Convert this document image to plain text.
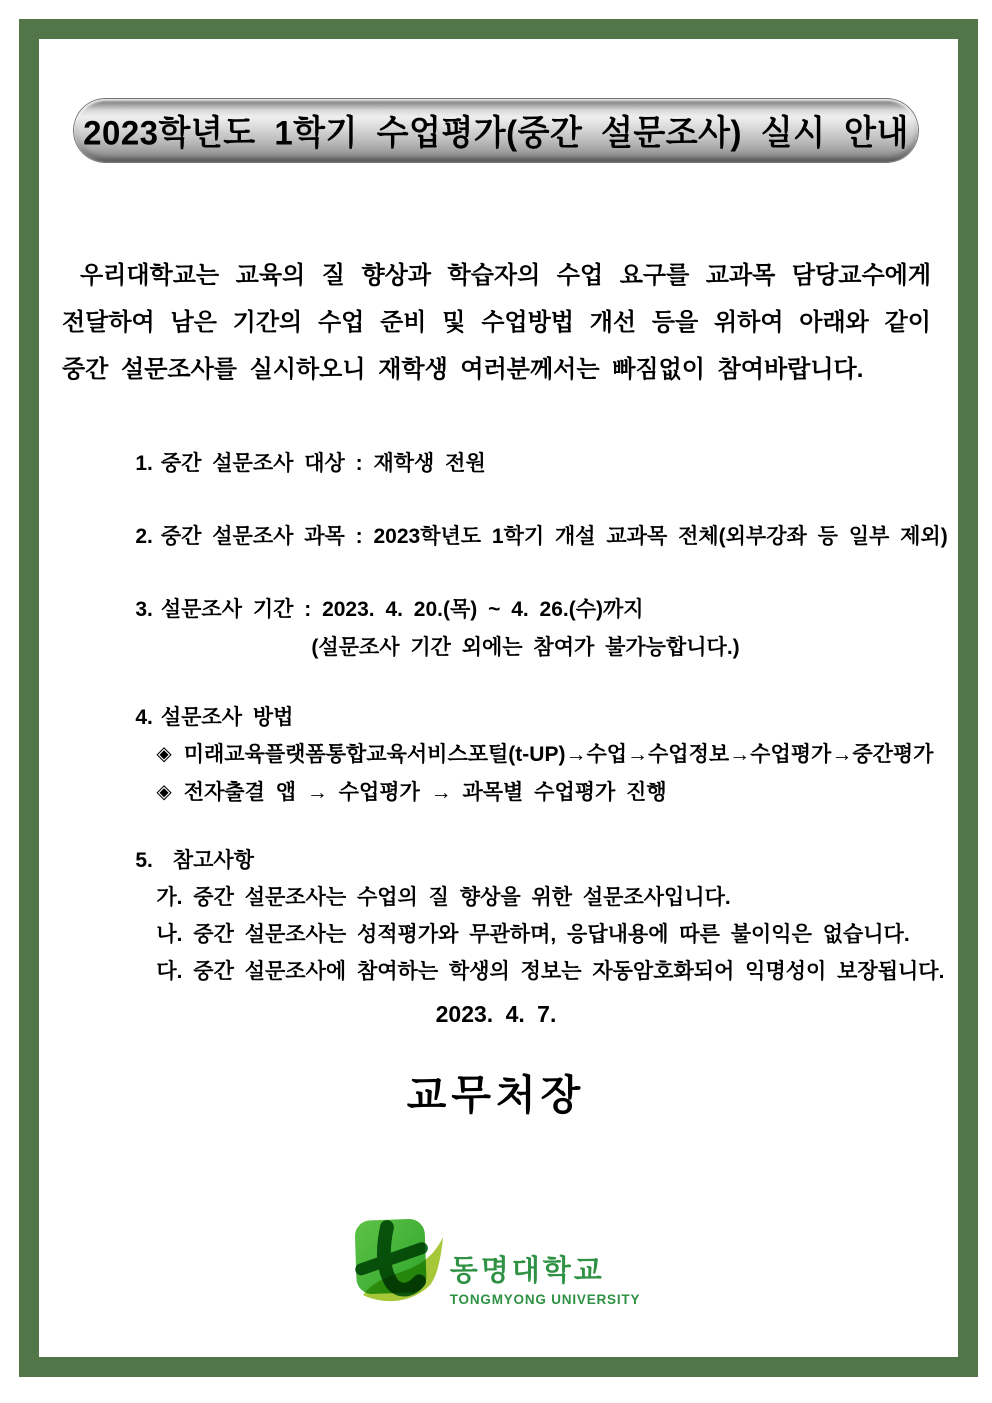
2023학년도 1학기 수업평가(중간 설문조사) 실시 안내

우리대학교는 교육의 질 향상과 학습자의 수업 요구를 교과목 담당교수에게 전달하여 남은 기간의 수업 준비 및 수업방법 개선 등을 위하여 아래와 같이 중간 설문조사를 실시하오니 재학생 여러분께서는 빠짐없이 참여바랍니다.

1. 중간 설문조사 대상 : 재학생 전원

2. 중간 설문조사 과목 : 2023학년도 1학기 개설 교과목 전체(외부강좌 등 일부 제외)

3. 설문조사 기간 : 2023. 4. 20.(목) ~ 4. 26.(수)까지

(설문조사 기간 외에는 참여가 불가능합니다.)

4. 설문조사 방법

◈ 미래교육플랫폼통합교육서비스포털(t-UP)→수업→수업정보→수업평가→중간평가

◈ 전자출결 앱 → 수업평가 → 과목별 수업평가 진행

5. 참고사항

가. 중간 설문조사는 수업의 질 향상을 위한 설문조사입니다.

나. 중간 설문조사는 성적평가와 무관하며, 응답내용에 따른 불이익은 없습니다.

다. 중간 설문조사에 참여하는 학생의 정보는 자동암호화되어 익명성이 보장됩니다.

2023. 4. 7.
교무처장
동명대학교
TONGMYONG UNIVERSITY
